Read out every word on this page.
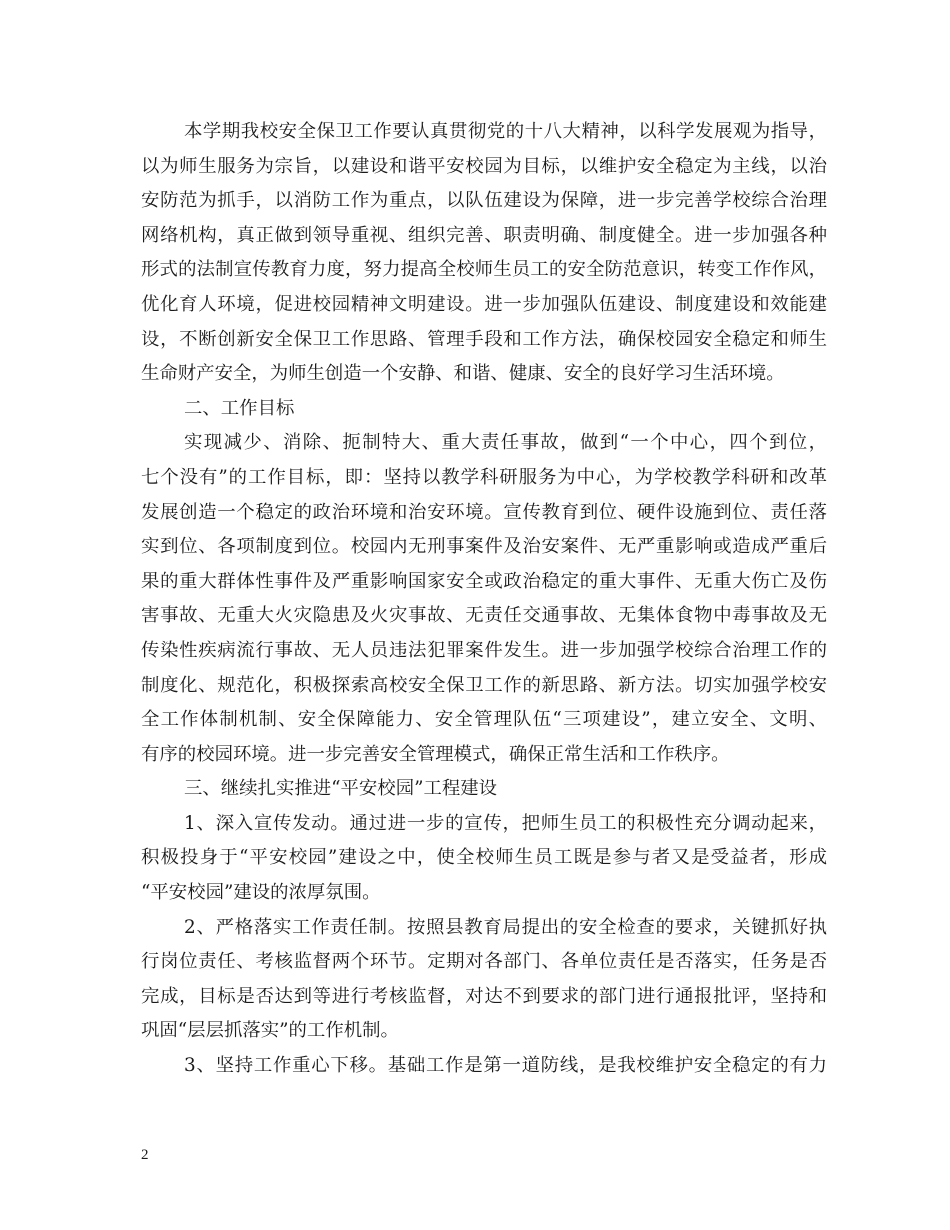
本学期我校安全保卫工作要认真贯彻党的十八大精神，以科学发展观为指导，
以为师生服务为宗旨，以建设和谐平安校园为目标，以维护安全稳定为主线，以治
安防范为抓手，以消防工作为重点，以队伍建设为保障，进一步完善学校综合治理
网络机构，真正做到领导重视、组织完善、职责明确、制度健全。进一步加强各种
形式的法制宣传教育力度，努力提高全校师生员工的安全防范意识，转变工作作风，
优化育人环境，促进校园精神文明建设。进一步加强队伍建设、制度建设和效能建
设，不断创新安全保卫工作思路、管理手段和工作方法，确保校园安全稳定和师生
生命财产安全，为师生创造一个安静、和谐、健康、安全的良好学习生活环境。
二、工作目标
实现减少、消除、扼制特大、重大责任事故，做到“一个中心，四个到位，
七个没有”的工作目标，即：坚持以教学科研服务为中心，为学校教学科研和改革
发展创造一个稳定的政治环境和治安环境。宣传教育到位、硬件设施到位、责任落
实到位、各项制度到位。校园内无刑事案件及治安案件、无严重影响或造成严重后
果的重大群体性事件及严重影响国家安全或政治稳定的重大事件、无重大伤亡及伤
害事故、无重大火灾隐患及火灾事故、无责任交通事故、无集体食物中毒事故及无
传染性疾病流行事故、无人员违法犯罪案件发生。进一步加强学校综合治理工作的
制度化、规范化，积极探索高校安全保卫工作的新思路、新方法。切实加强学校安
全工作体制机制、安全保障能力、安全管理队伍“三项建设”，建立安全、文明、
有序的校园环境。进一步完善安全管理模式，确保正常生活和工作秩序。
三、继续扎实推进“平安校园”工程建设
1、深入宣传发动。通过进一步的宣传，把师生员工的积极性充分调动起来，
积极投身于“平安校园”建设之中，使全校师生员工既是参与者又是受益者，形成
“平安校园”建设的浓厚氛围。
2、严格落实工作责任制。按照县教育局提出的安全检查的要求，关键抓好执
行岗位责任、考核监督两个环节。定期对各部门、各单位责任是否落实，任务是否
完成，目标是否达到等进行考核监督，对达不到要求的部门进行通报批评，坚持和
巩固“层层抓落实”的工作机制。
3、坚持工作重心下移。基础工作是第一道防线，是我校维护安全稳定的有力
2
